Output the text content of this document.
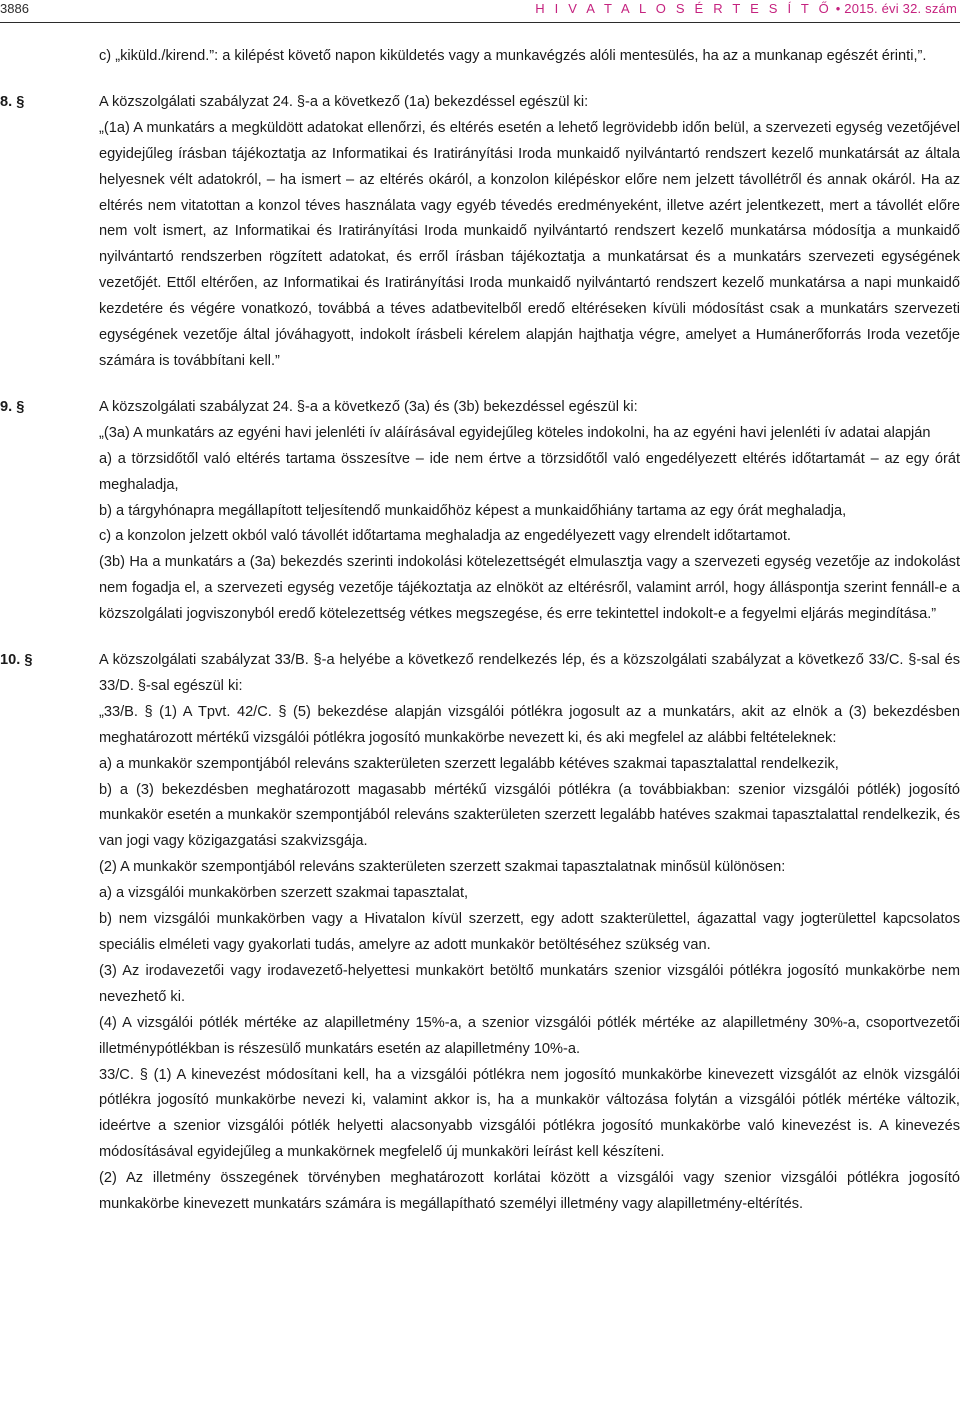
3886	H I V A T A L O S É R T E S Í T Ő • 2015. évi 32. szám

c) „kiküld./kirend.”: a kilépést követő napon kiküldetés vagy a munkavégzés alóli mentesülés, ha az a munkanap egészét érinti,”.

8. §	A közszolgálati szabályzat 24. §-a a következő (1a) bekezdéssel egészül ki:

„(1a) A munkatárs a megküldött adatokat ellenőrzi, és eltérés esetén a lehető legrövidebb időn belül, a szervezeti egység vezetőjével egyidejűleg írásban tájékoztatja az Informatikai és Iratirányítási Iroda munkaidő nyilvántartó rendszert kezelő munkatársát az általa helyesnek vélt adatokról, – ha ismert – az eltérés okáról, a konzolon kilépéskor előre nem jelzett távollétről és annak okáról. Ha az eltérés nem vitatottan a konzol téves használata vagy egyéb tévedés eredményeként, illetve azért jelentkezett, mert a távollét előre nem volt ismert, az Informatikai és Iratirányítási Iroda munkaidő nyilvántartó rendszert kezelő munkatársa módosítja a munkaidő nyilvántartó rendszerben rögzített adatokat, és erről írásban tájékoztatja a munkatársat és a munkatárs szervezeti egységének vezetőjét. Ettől eltérően, az Informatikai és Iratirányítási Iroda munkaidő nyilvántartó rendszert kezelő munkatársa a napi munkaidő kezdetére és végére vonatkozó, továbbá a téves adatbevitelből eredő eltéréseken kívüli módosítást csak a munkatárs szervezeti egységének vezetője által jóváhagyott, indokolt írásbeli kérelem alapján hajthatja végre, amelyet a Humánerőforrás Iroda vezetője számára is továbbítani kell.”

9. §	A közszolgálati szabályzat 24. §-a a következő (3a) és (3b) bekezdéssel egészül ki:

„(3a) A munkatárs az egyéni havi jelenléti ív aláírásával egyidejűleg köteles indokolni, ha az egyéni havi jelenléti ív adatai alapján

a) a törzsidőtől való eltérés tartama összesítve – ide nem értve a törzsidőtől való engedélyezett eltérés időtartamát – az egy órát meghaladja,

b) a tárgyhónapra megállapított teljesítendő munkaidőhöz képest a munkaidőhiány tartama az egy órát meghaladja,

c) a konzolon jelzett okból való távollét időtartama meghaladja az engedélyezett vagy elrendelt időtartamot.

(3b) Ha a munkatárs a (3a) bekezdés szerinti indokolási kötelezettségét elmulasztja vagy a szervezeti egység vezetője az indokolást nem fogadja el, a szervezeti egység vezetője tájékoztatja az elnököt az eltérésről, valamint arról, hogy álláspontja szerint fennáll-e a közszolgálati jogviszonyból eredő kötelezettség vétkes megszegése, és erre tekintettel indokolt-e a fegyelmi eljárás megindítása.”

10. §	A közszolgálati szabályzat 33/B. §-a helyébe a következő rendelkezés lép, és a közszolgálati szabályzat a következő 33/C. §-sal és 33/D. §-sal egészül ki:

„33/B. § (1) A Tpvt. 42/C. § (5) bekezdése alapján vizsgálói pótlékra jogosult az a munkatárs, akit az elnök a (3) bekezdésben meghatározott mértékű vizsgálói pótlékra jogosító munkakörbe nevezett ki, és aki megfelel az alábbi feltételeknek:

a) a munkakör szempontjából releváns szakterületen szerzett legalább kétéves szakmai tapasztalattal rendelkezik,

b) a (3) bekezdésben meghatározott magasabb mértékű vizsgálói pótlékra (a továbbiakban: szenior vizsgálói pótlék) jogosító munkakör esetén a munkakör szempontjából releváns szakterületen szerzett legalább hatéves szakmai tapasztalattal rendelkezik, és van jogi vagy közigazgatási szakvizsgája.

(2) A munkakör szempontjából releváns szakterületen szerzett szakmai tapasztalatnak minősül különösen:

a) a vizsgálói munkakörben szerzett szakmai tapasztalat,

b) nem vizsgálói munkakörben vagy a Hivatalon kívül szerzett, egy adott szakterülettel, ágazattal vagy jogterülettel kapcsolatos speciális elméleti vagy gyakorlati tudás, amelyre az adott munkakör betöltéséhez szükség van.

(3) Az irodavezetői vagy irodavezető-helyettesi munkakört betöltő munkatárs szenior vizsgálói pótlékra jogosító munkakörbe nem nevezhető ki.

(4) A vizsgálói pótlék mértéke az alapilletmény 15%-a, a szenior vizsgálói pótlék mértéke az alapilletmény 30%-a, csoportvezetői illetménypótlékban is részesülő munkatárs esetén az alapilletmény 10%-a.

33/C. § (1) A kinevezést módosítani kell, ha a vizsgálói pótlékra nem jogosító munkakörbe kinevezett vizsgálót az elnök vizsgálói pótlékra jogosító munkakörbe nevezi ki, valamint akkor is, ha a munkakör változása folytán a vizsgálói pótlék mértéke változik, ideértve a szenior vizsgálói pótlék helyetti alacsonyabb vizsgálói pótlékra jogosító munkakörbe való kinevezést is. A kinevezés módosításával egyidejűleg a munkakörnek megfelelő új munkaköri leírást kell készíteni.

(2) Az illetmény összegének törvényben meghatározott korlátai között a vizsgálói vagy szenior vizsgálói pótlékra jogosító munkakörbe kinevezett munkatárs számára is megállapítható személyi illetmény vagy alapilletmény-eltérítés.
